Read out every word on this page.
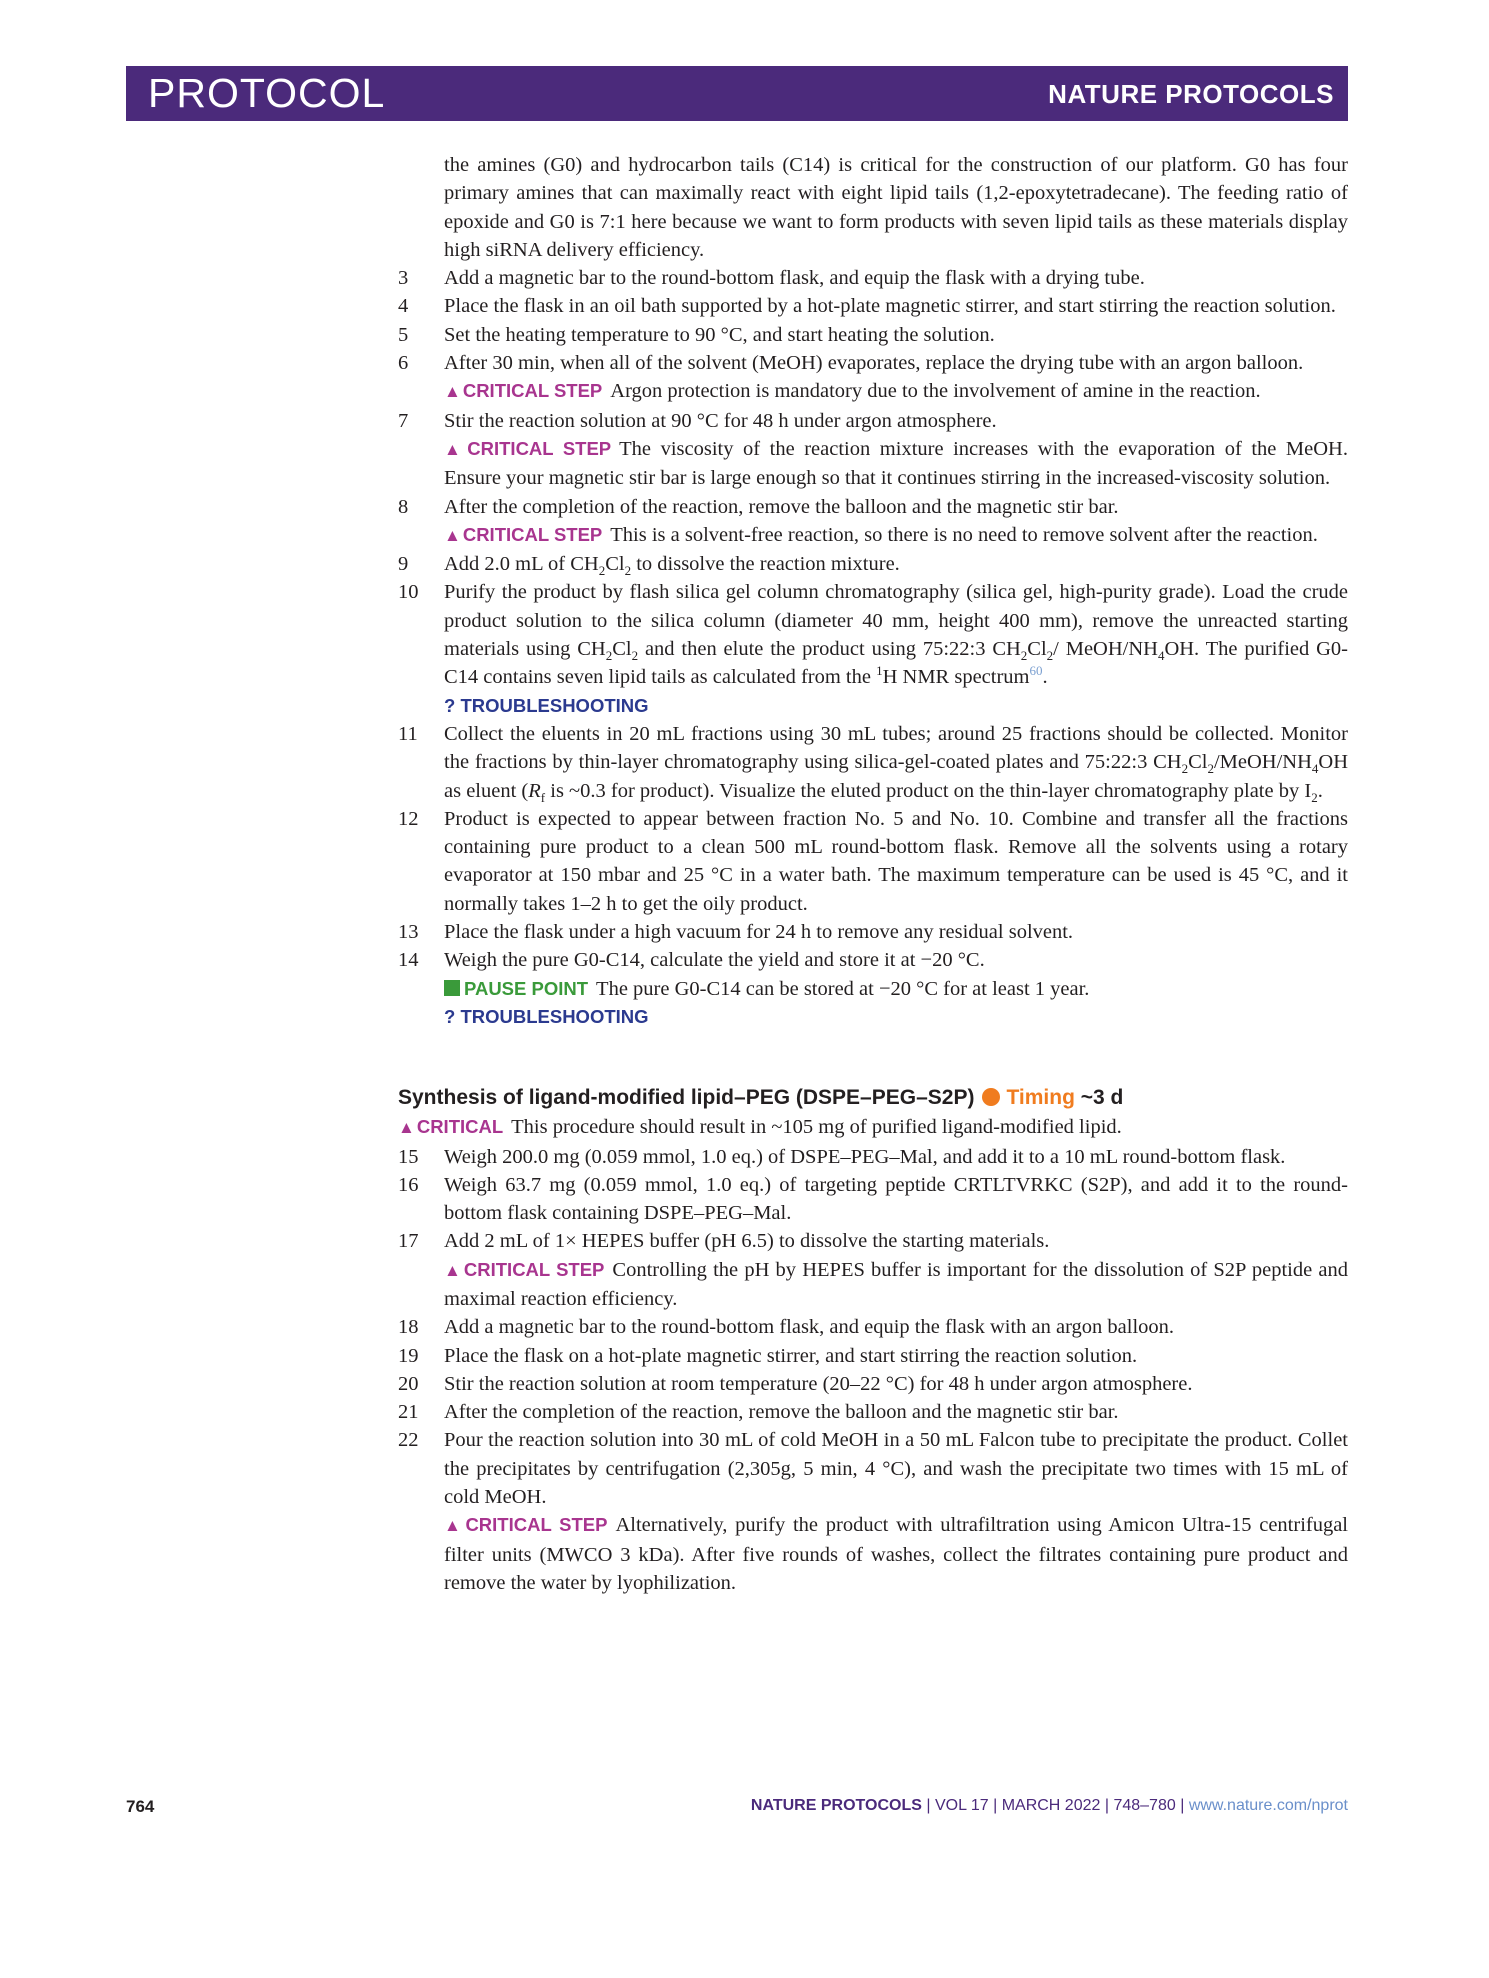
PROTOCOL	NATURE PROTOCOLS
the amines (G0) and hydrocarbon tails (C14) is critical for the construction of our platform. G0 has four primary amines that can maximally react with eight lipid tails (1,2-epoxytetradecane). The feeding ratio of epoxide and G0 is 7:1 here because we want to form products with seven lipid tails as these materials display high siRNA delivery efficiency.
3 Add a magnetic bar to the round-bottom flask, and equip the flask with a drying tube.
4 Place the flask in an oil bath supported by a hot-plate magnetic stirrer, and start stirring the reaction solution.
5 Set the heating temperature to 90 °C, and start heating the solution.
6 After 30 min, when all of the solvent (MeOH) evaporates, replace the drying tube with an argon balloon.
▲ CRITICAL STEP Argon protection is mandatory due to the involvement of amine in the reaction.
7 Stir the reaction solution at 90 °C for 48 h under argon atmosphere.
▲ CRITICAL STEP The viscosity of the reaction mixture increases with the evaporation of the MeOH. Ensure your magnetic stir bar is large enough so that it continues stirring in the increased-viscosity solution.
8 After the completion of the reaction, remove the balloon and the magnetic stir bar.
▲ CRITICAL STEP This is a solvent-free reaction, so there is no need to remove solvent after the reaction.
9 Add 2.0 mL of $CH_2Cl_2$ to dissolve the reaction mixture.
10 Purify the product by flash silica gel column chromatography (silica gel, high-purity grade). Load the crude product solution to the silica column (diameter 40 mm, height 400 mm), remove the unreacted starting materials using $CH_2Cl_2$ and then elute the product using 75:22:3 $CH_2Cl_2/$ MeOH/$NH_4OH$. The purified G0-C14 contains seven lipid tails as calculated from the $^1$H NMR spectrum$^{60}$.
? TROUBLESHOOTING
11 Collect the eluents in 20 mL fractions using 30 mL tubes; around 25 fractions should be collected. Monitor the fractions by thin-layer chromatography using silica-gel-coated plates and 75:22:3 $CH_2Cl_2/MeOH/NH_4OH$ as eluent ($R_f$ is ~0.3 for product). Visualize the eluted product on the thin-layer chromatography plate by $I_2$.
12 Product is expected to appear between fraction No. 5 and No. 10. Combine and transfer all the fractions containing pure product to a clean 500 mL round-bottom flask. Remove all the solvents using a rotary evaporator at 150 mbar and 25 °C in a water bath. The maximum temperature can be used is 45 °C, and it normally takes 1–2 h to get the oily product.
13 Place the flask under a high vacuum for 24 h to remove any residual solvent.
14 Weigh the pure G0-C14, calculate the yield and store it at −20 °C.
PAUSE POINT The pure G0-C14 can be stored at −20 °C for at least 1 year.
? TROUBLESHOOTING
Synthesis of ligand-modified lipid–PEG (DSPE–PEG–S2P) Timing ~3 d
▲ CRITICAL This procedure should result in ~105 mg of purified ligand-modified lipid.
15 Weigh 200.0 mg (0.059 mmol, 1.0 eq.) of DSPE–PEG–Mal, and add it to a 10 mL round-bottom flask.
16 Weigh 63.7 mg (0.059 mmol, 1.0 eq.) of targeting peptide CRTLTVRKC (S2P), and add it to the round-bottom flask containing DSPE–PEG–Mal.
17 Add 2 mL of 1× HEPES buffer (pH 6.5) to dissolve the starting materials.
▲ CRITICAL STEP Controlling the pH by HEPES buffer is important for the dissolution of S2P peptide and maximal reaction efficiency.
18 Add a magnetic bar to the round-bottom flask, and equip the flask with an argon balloon.
19 Place the flask on a hot-plate magnetic stirrer, and start stirring the reaction solution.
20 Stir the reaction solution at room temperature (20–22 °C) for 48 h under argon atmosphere.
21 After the completion of the reaction, remove the balloon and the magnetic stir bar.
22 Pour the reaction solution into 30 mL of cold MeOH in a 50 mL Falcon tube to precipitate the product. Collet the precipitates by centrifugation (2,305g, 5 min, 4 °C), and wash the precipitate two times with 15 mL of cold MeOH.
▲ CRITICAL STEP Alternatively, purify the product with ultrafiltration using Amicon Ultra-15 centrifugal filter units (MWCO 3 kDa). After five rounds of washes, collect the filtrates containing pure product and remove the water by lyophilization.
764	NATURE PROTOCOLS | VOL 17 | MARCH 2022 | 748–780 | www.nature.com/nprot
